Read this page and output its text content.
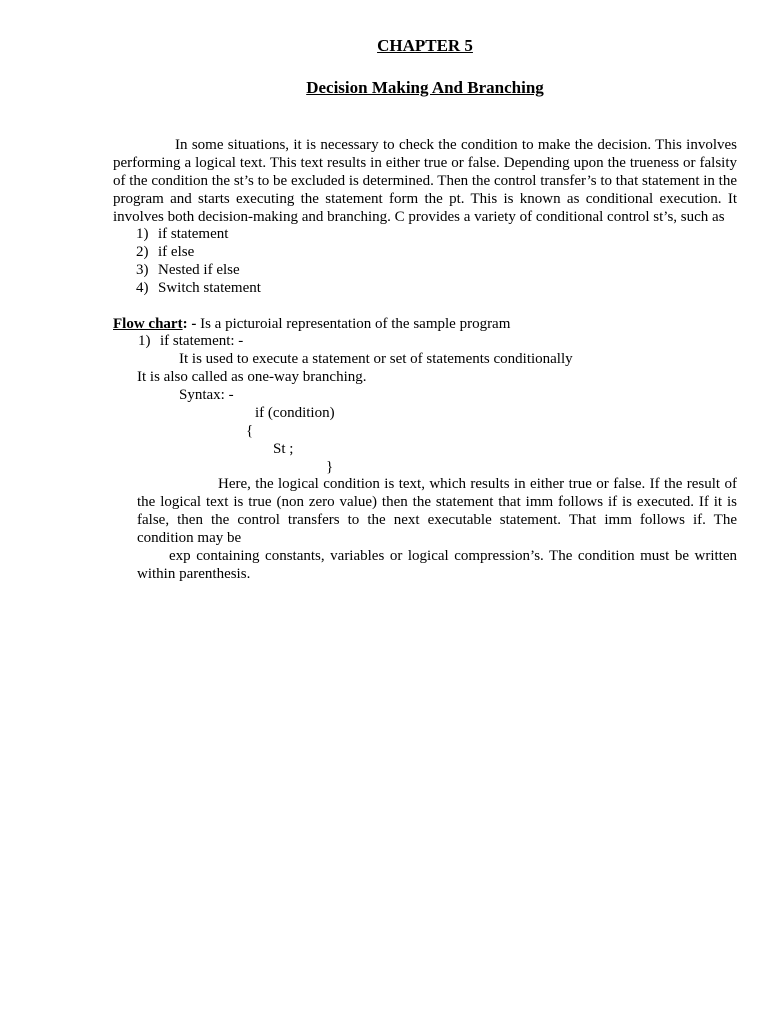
CHAPTER 5
Decision Making And Branching

In some situations, it is necessary to check the condition to make the decision. This involves performing a logical text. This text results in either true or false. Depending upon the trueness or falsity of the condition the st’s to be excluded is determined. Then the control transfer’s to that statement in the program and starts executing the statement form the pt. This is known as conditional execution. It involves both decision-making and branching. C provides a variety of conditional control st’s, such as

1) if statement
2) if else
3) Nested if else
4) Switch statement
Flow chart: - Is a picturoial representation of the sample program
1) if statement: -
It is used to execute a statement or set of statements conditionally
It is also called as one-way branching.
Syntax: -
if (condition)
{
St ;
}

Here, the logical condition is text, which results in either true or false. If the result of the logical text is true (non zero value) then the statement that imm follows if is executed. If it is false, then the control transfers to the next executable statement. That imm follows if. The condition may be

exp containing constants, variables or logical compression’s. The condition must be written within parenthesis.
